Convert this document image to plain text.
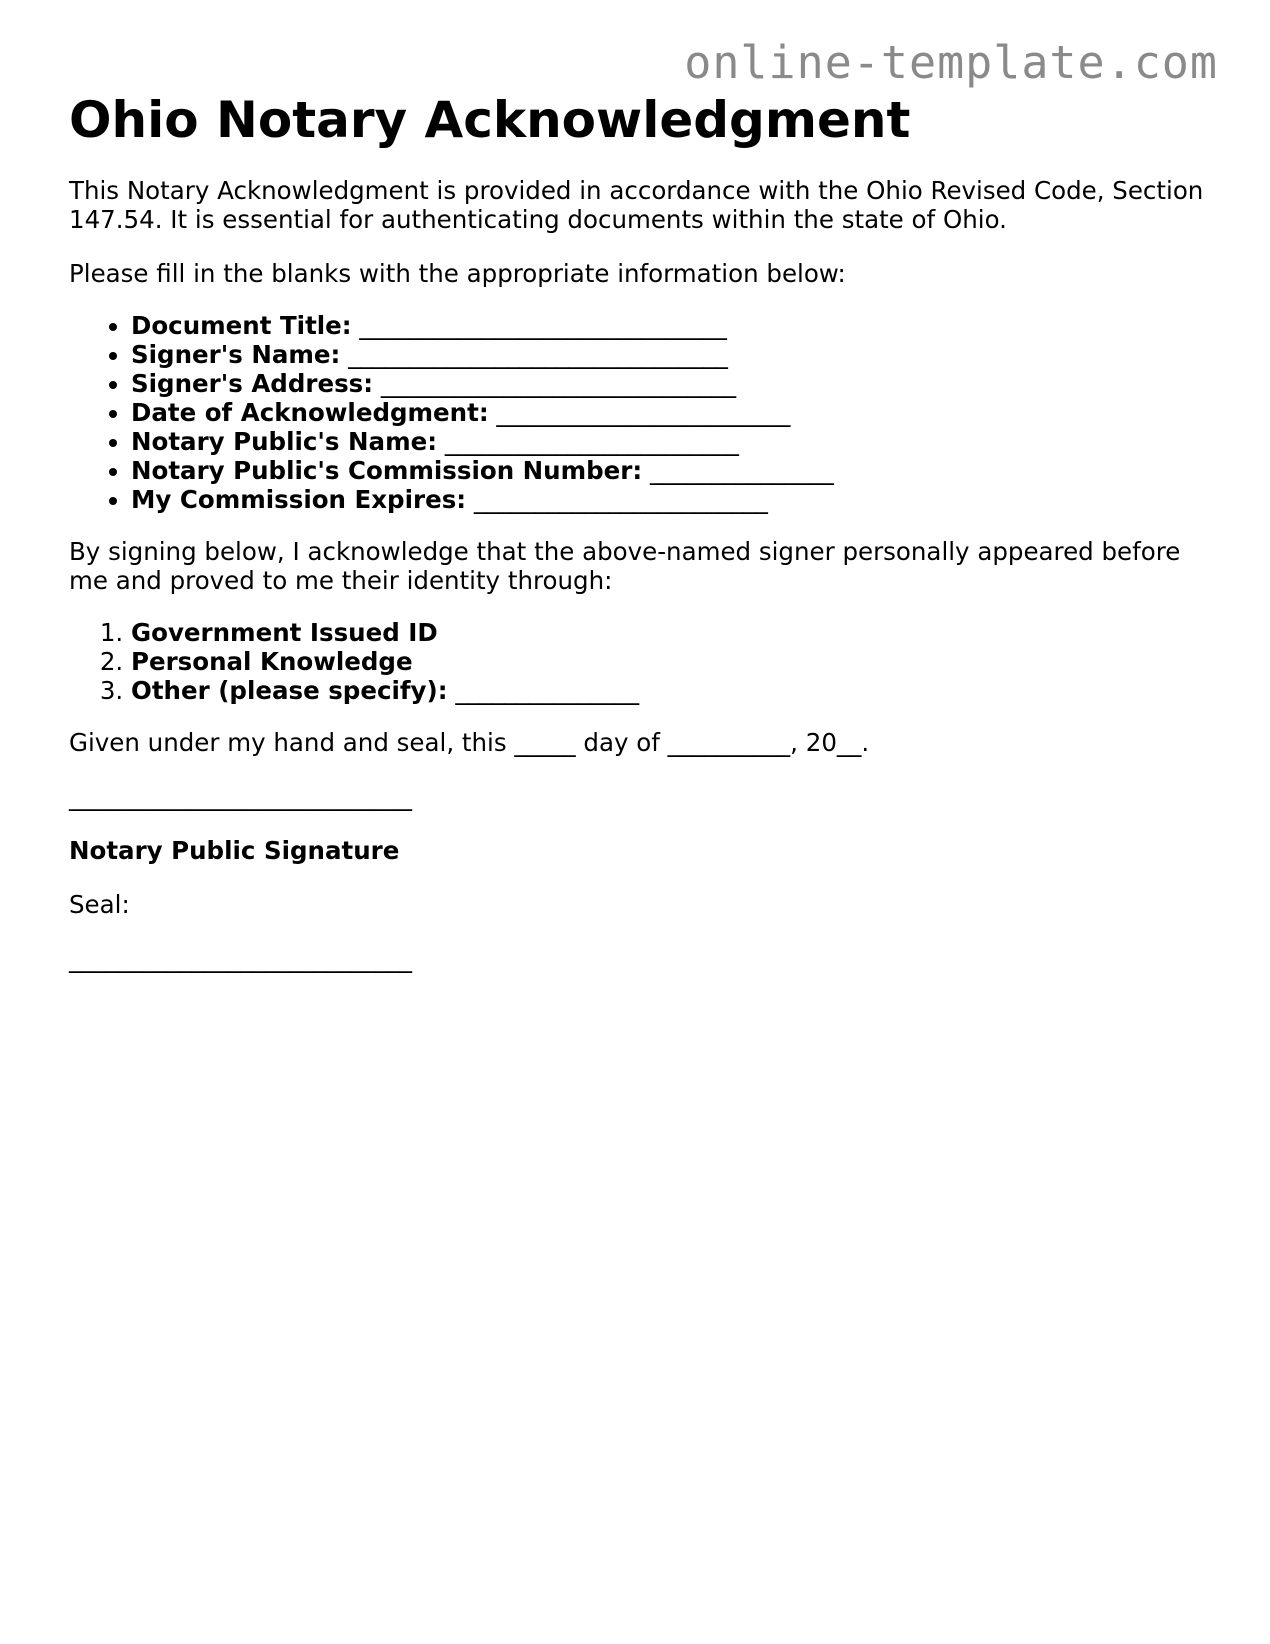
online-template.com
Ohio Notary Acknowledgment

This Notary Acknowledgment is provided in accordance with the Ohio Revised Code, Section 147.54. It is essential for authenticating documents within the state of Ohio.

Please fill in the blanks with the appropriate information below:

• Document Title: ______________________________
• Signer's Name: _______________________________
• Signer's Address: _____________________________
• Date of Acknowledgment: ________________________
• Notary Public's Name: ________________________
• Notary Public's Commission Number: _______________
• My Commission Expires: ________________________

By signing below, I acknowledge that the above-named signer personally appeared before me and proved to me their identity through:

1. Government Issued ID
2. Personal Knowledge
3. Other (please specify): _______________

Given under my hand and seal, this _____ day of __________, 20__.

____________________________
Notary Public Signature
Seal:
____________________________
